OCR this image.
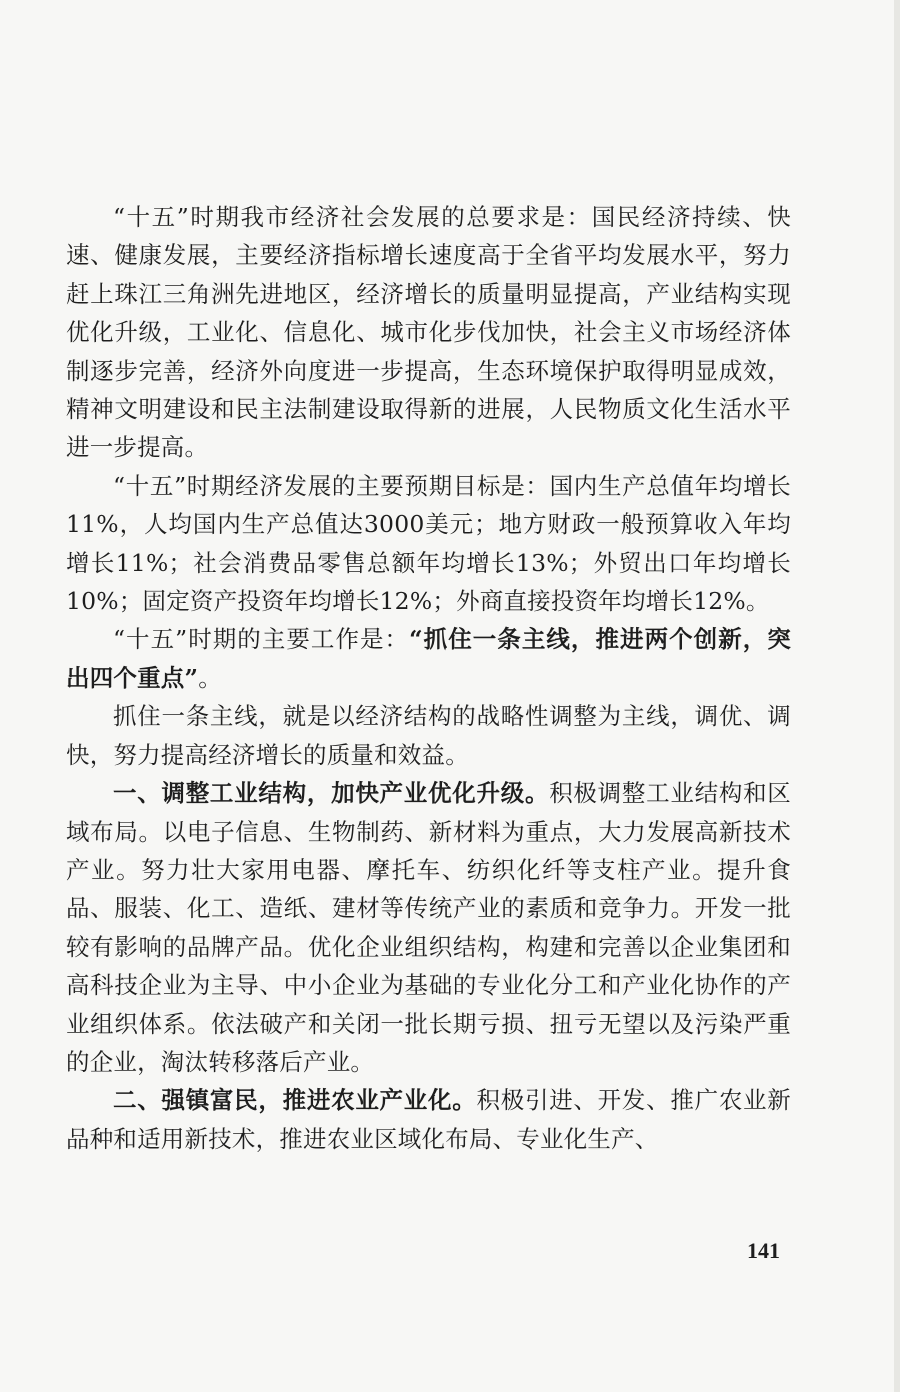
“十五”时期我市经济社会发展的总要求是：国民经济持续、快速、健康发展，主要经济指标增长速度高于全省平均发展水平，努力赶上珠江三角洲先进地区，经济增长的质量明显提高，产业结构实现优化升级，工业化、信息化、城市化步伐加快，社会主义市场经济体制逐步完善，经济外向度进一步提高，生态环境保护取得明显成效，精神文明建设和民主法制建设取得新的进展，人民物质文化生活水平进一步提高。

“十五”时期经济发展的主要预期目标是：国内生产总值年均增长11%，人均国内生产总值达3000美元；地方财政一般预算收入年均增长11%；社会消费品零售总额年均增长13%；外贸出口年均增长10%；固定资产投资年均增长12%；外商直接投资年均增长12%。

“十五”时期的主要工作是：“抓住一条主线，推进两个创新，突出四个重点”。

抓住一条主线，就是以经济结构的战略性调整为主线，调优、调快，努力提高经济增长的质量和效益。

一、调整工业结构，加快产业优化升级。积极调整工业结构和区域布局。以电子信息、生物制药、新材料为重点，大力发展高新技术产业。努力壮大家用电器、摩托车、纺织化纤等支柱产业。提升食品、服装、化工、造纸、建材等传统产业的素质和竞争力。开发一批较有影响的品牌产品。优化企业组织结构，构建和完善以企业集团和高科技企业为主导、中小企业为基础的专业化分工和产业化协作的产业组织体系。依法破产和关闭一批长期亏损、扭亏无望以及污染严重的企业，淘汰转移落后产业。

二、强镇富民，推进农业产业化。积极引进、开发、推广农业新品种和适用新技术，推进农业区域化布局、专业化生产、

141
